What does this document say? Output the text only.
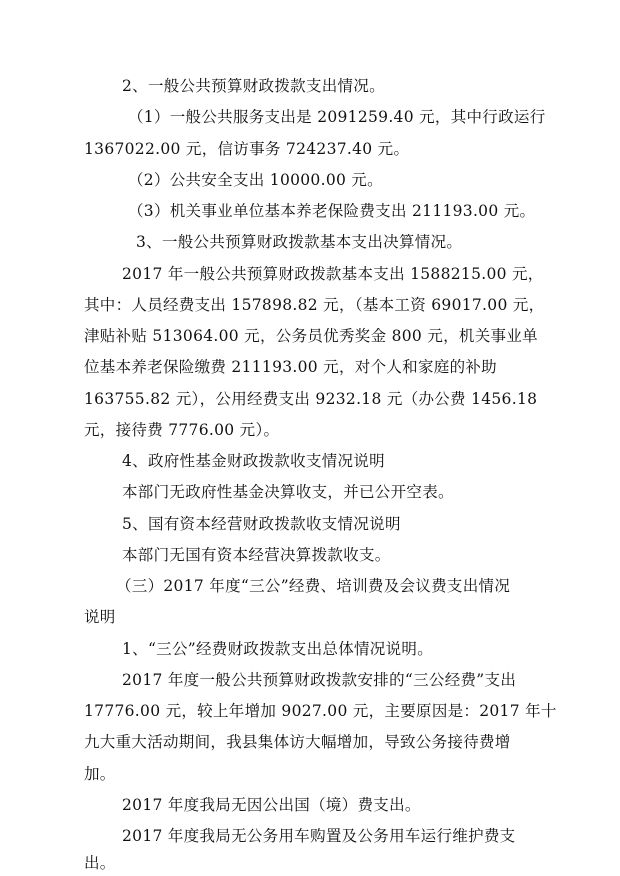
2、一般公共预算财政拨款支出情况。
（1）一般公共服务支出是 2091259.40 元，其中行政运行
1367022.00 元，信访事务 724237.40 元。
（2）公共安全支出 10000.00 元。
（3）机关事业单位基本养老保险费支出 211193.00 元。
3、一般公共预算财政拨款基本支出决算情况。
2017 年一般公共预算财政拨款基本支出 1588215.00 元，
其中：人员经费支出 157898.82 元，（基本工资 69017.00 元，
津贴补贴 513064.00 元，公务员优秀奖金 800 元，机关事业单
位基本养老保险缴费 211193.00 元，对个人和家庭的补助
163755.82 元），公用经费支出 9232.18 元（办公费 1456.18
元，接待费 7776.00 元）。
4、政府性基金财政拨款收支情况说明
本部门无政府性基金决算收支，并已公开空表。
5、国有资本经营财政拨款收支情况说明
本部门无国有资本经营决算拨款收支。
（三）2017 年度“三公”经费、培训费及会议费支出情况
说明
1、“三公”经费财政拨款支出总体情况说明。
2017 年度一般公共预算财政拨款安排的“三公经费”支出
17776.00 元，较上年增加 9027.00 元，主要原因是：2017 年十
九大重大活动期间，我县集体访大幅增加，导致公务接待费增
加。
2017 年度我局无因公出国（境）费支出。
2017 年度我局无公务用车购置及公务用车运行维护费支
出。
